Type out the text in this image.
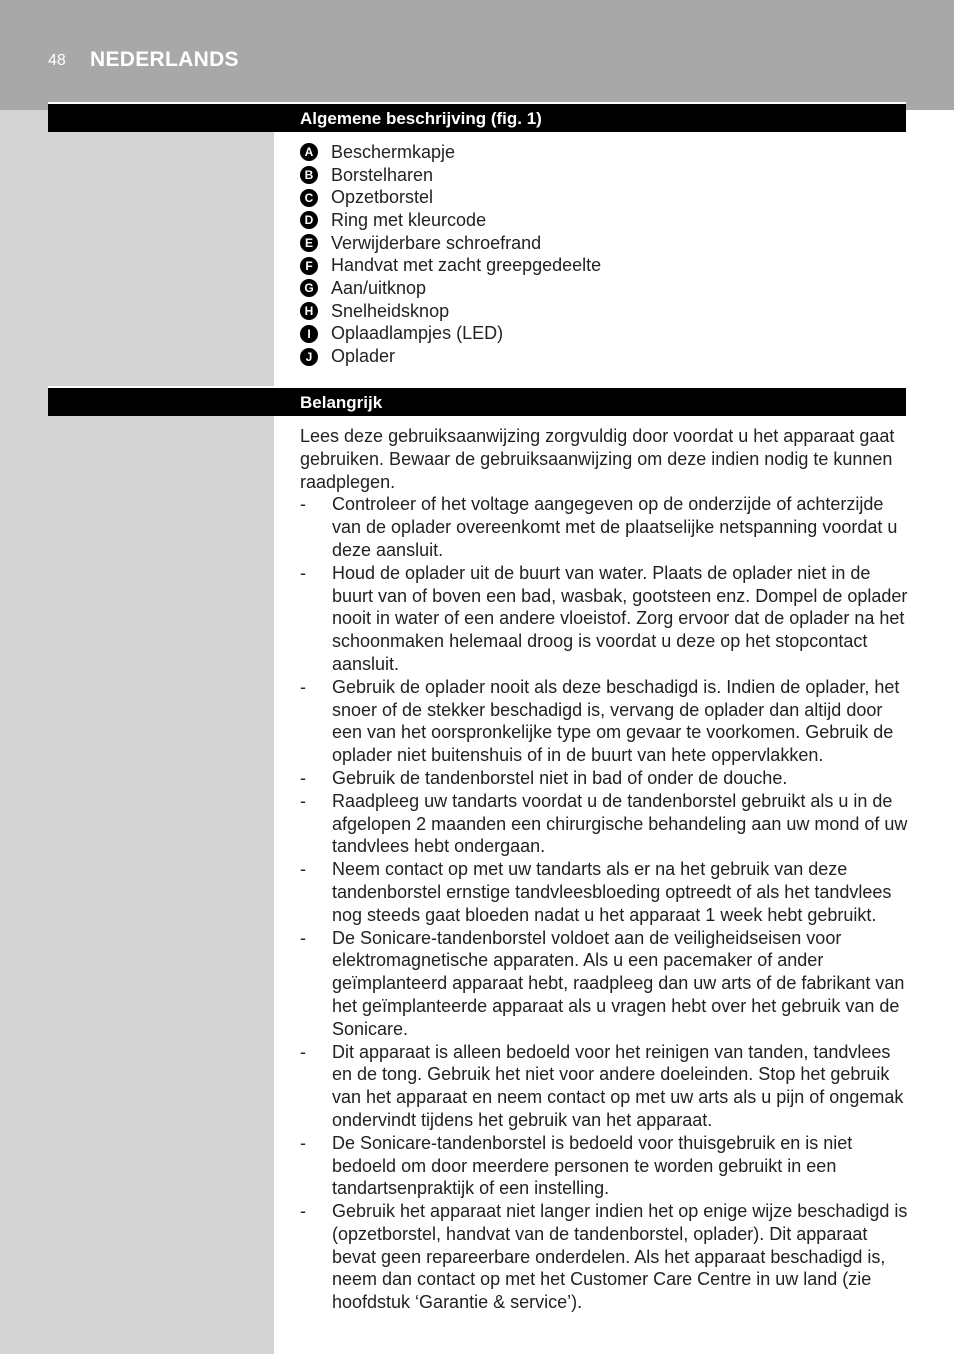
48 NEDERLANDS
Algemene beschrijving (fig. 1)
A Beschermkapje
B Borstelharen
C Opzetborstel
D Ring met kleurcode
E Verwijderbare schroefrand
F Handvat met zacht greepgedeelte
G Aan/uitknop
H Snelheidsknop
I	Oplaadlampjes (LED)
J	Oplader
Belangrijk

Lees deze gebruiksaanwijzing zorgvuldig door voordat u het apparaat gaat gebruiken. Bewaar de gebruiksaanwijzing om deze indien nodig te kunnen raadplegen.

-	Controleer of het voltage aangegeven op de onderzijde of achterzijde van de oplader overeenkomt met de plaatselijke netspanning voordat u deze aansluit.
-	Houd de oplader uit de buurt van water. Plaats de oplader niet in de buurt van of boven een bad, wasbak, gootsteen enz. Dompel de oplader nooit in water of een andere vloeistof. Zorg ervoor dat de oplader na het schoonmaken helemaal droog is voordat u deze op het stopcontact aansluit.
-	Gebruik de oplader nooit als deze beschadigd is. Indien de oplader, het snoer of de stekker beschadigd is, vervang de oplader dan altijd door een van het oorspronkelijke type om gevaar te voorkomen. Gebruik de oplader niet buitenshuis of in de buurt van hete oppervlakken.
-	Gebruik de tandenborstel niet in bad of onder de douche.
-	Raadpleeg uw tandarts voordat u de tandenborstel gebruikt als u in de afgelopen 2 maanden een chirurgische behandeling aan uw mond of uw tandvlees hebt ondergaan.
-	Neem contact op met uw tandarts als er na het gebruik van deze tandenborstel ernstige tandvleesbloeding optreedt of als het tandvlees nog steeds gaat bloeden nadat u het apparaat 1 week hebt gebruikt.
-	De Sonicare-tandenborstel voldoet aan de veiligheidseisen voor elektromagnetische apparaten. Als u een pacemaker of ander geïmplanteerd apparaat hebt, raadpleeg dan uw arts of de fabrikant van het geïmplanteerde apparaat als u vragen hebt over het gebruik van de Sonicare.
-	Dit apparaat is alleen bedoeld voor het reinigen van tanden, tandvlees en de tong. Gebruik het niet voor andere doeleinden. Stop het gebruik van het apparaat en neem contact op met uw arts als u pijn of ongemak ondervindt tijdens het gebruik van het apparaat.
-	De Sonicare-tandenborstel is bedoeld voor thuisgebruik en is niet bedoeld om door meerdere personen te worden gebruikt in een tandartsenpraktijk of een instelling.
-	Gebruik het apparaat niet langer indien het op enige wijze beschadigd is (opzetborstel, handvat van de tandenborstel, oplader). Dit apparaat bevat geen repareerbare onderdelen. Als het apparaat beschadigd is, neem dan contact op met het Customer Care Centre in uw land (zie hoofdstuk ‘Garantie & service’).
